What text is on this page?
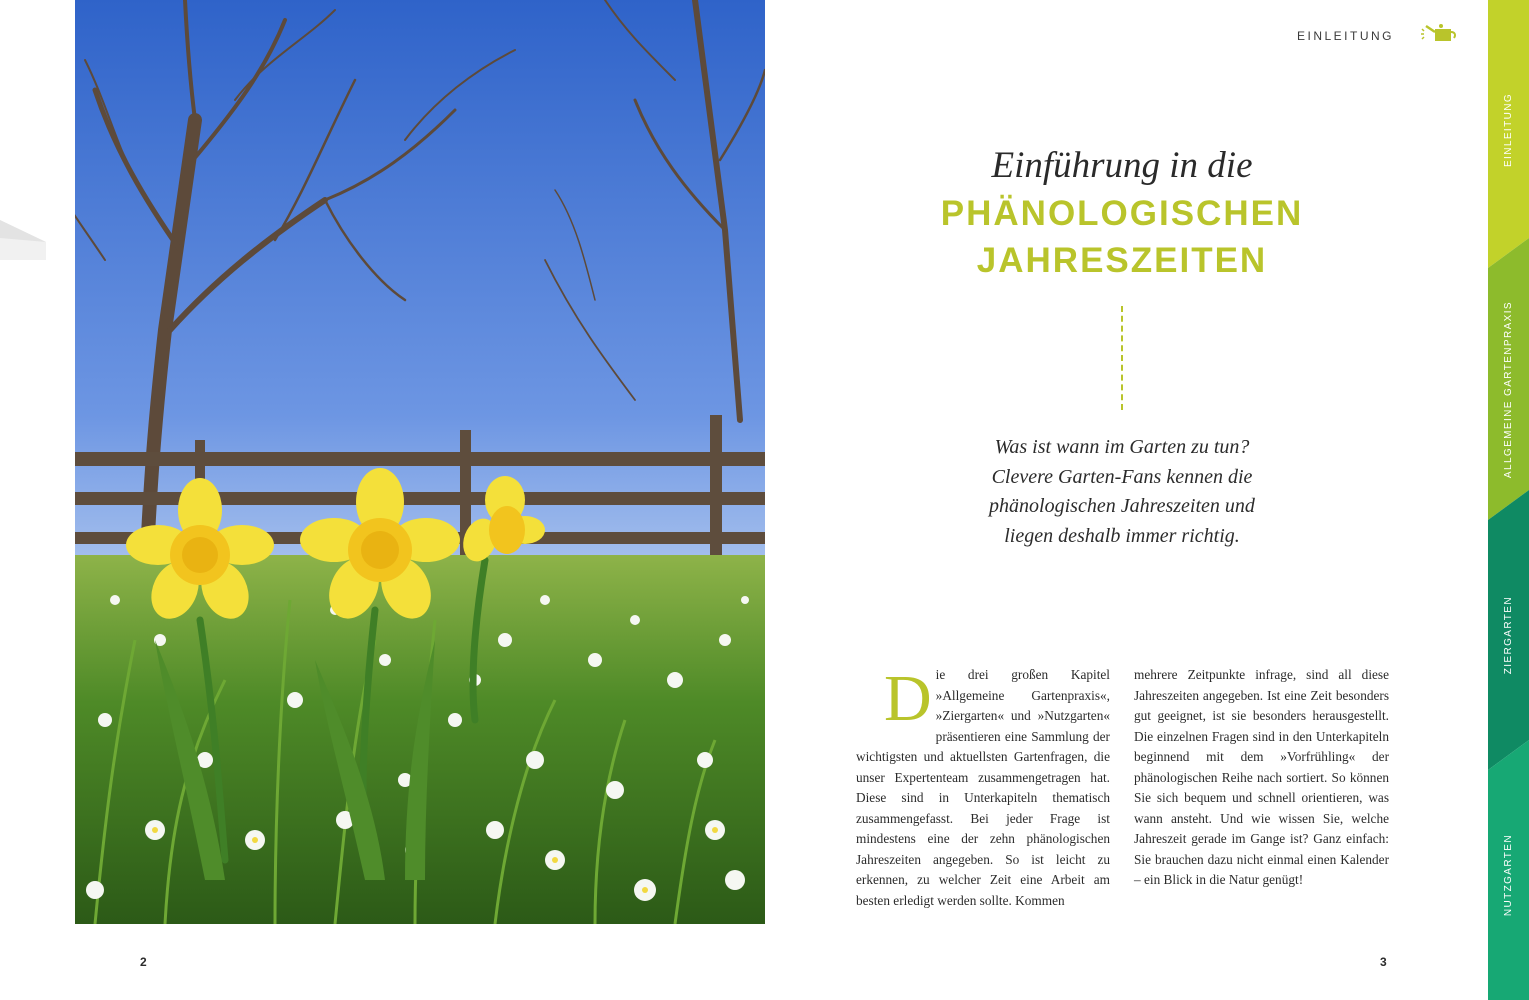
2	3
EINLEITUNG
Einführung in die
PHÄNOLOGISCHEN
JAHRESZEITEN
Was ist wann im Garten zu tun?
Clevere Garten-Fans kennen die
phänologischen Jahreszeiten und
liegen deshalb immer richtig.
D ie drei großen Kapitel »Allgemeine Gartenpraxis«, »Ziergarten« und »Nutzgarten« präsentieren eine Sammlung der wichtigsten und aktuellsten Gartenfragen, die unser Expertenteam zusammengetragen hat. Diese sind in Unterkapiteln thematisch zusammengefasst. Bei jeder Frage ist mindestens eine der zehn phänologischen Jahreszeiten angegeben. So ist leicht zu erkennen, zu welcher Zeit eine Arbeit am besten erledigt werden sollte. Kommen
mehrere Zeitpunkte infrage, sind all diese Jahreszeiten angegeben. Ist eine Zeit besonders gut geeignet, ist sie besonders herausgestellt. Die einzelnen Fragen sind in den Unterkapiteln beginnend mit dem »Vorfrühling« der phänologischen Reihe nach sortiert. So können Sie sich bequem und schnell orientieren, was wann ansteht. Und wie wissen Sie, welche Jahreszeit gerade im Gange ist? Ganz einfach: Sie brauchen dazu nicht einmal einen Kalender – ein Blick in die Natur genügt!
EINLEITUNG
ALLGEMEINE GARTENPRAXIS
ZIERGARTEN
NUTZGARTEN
